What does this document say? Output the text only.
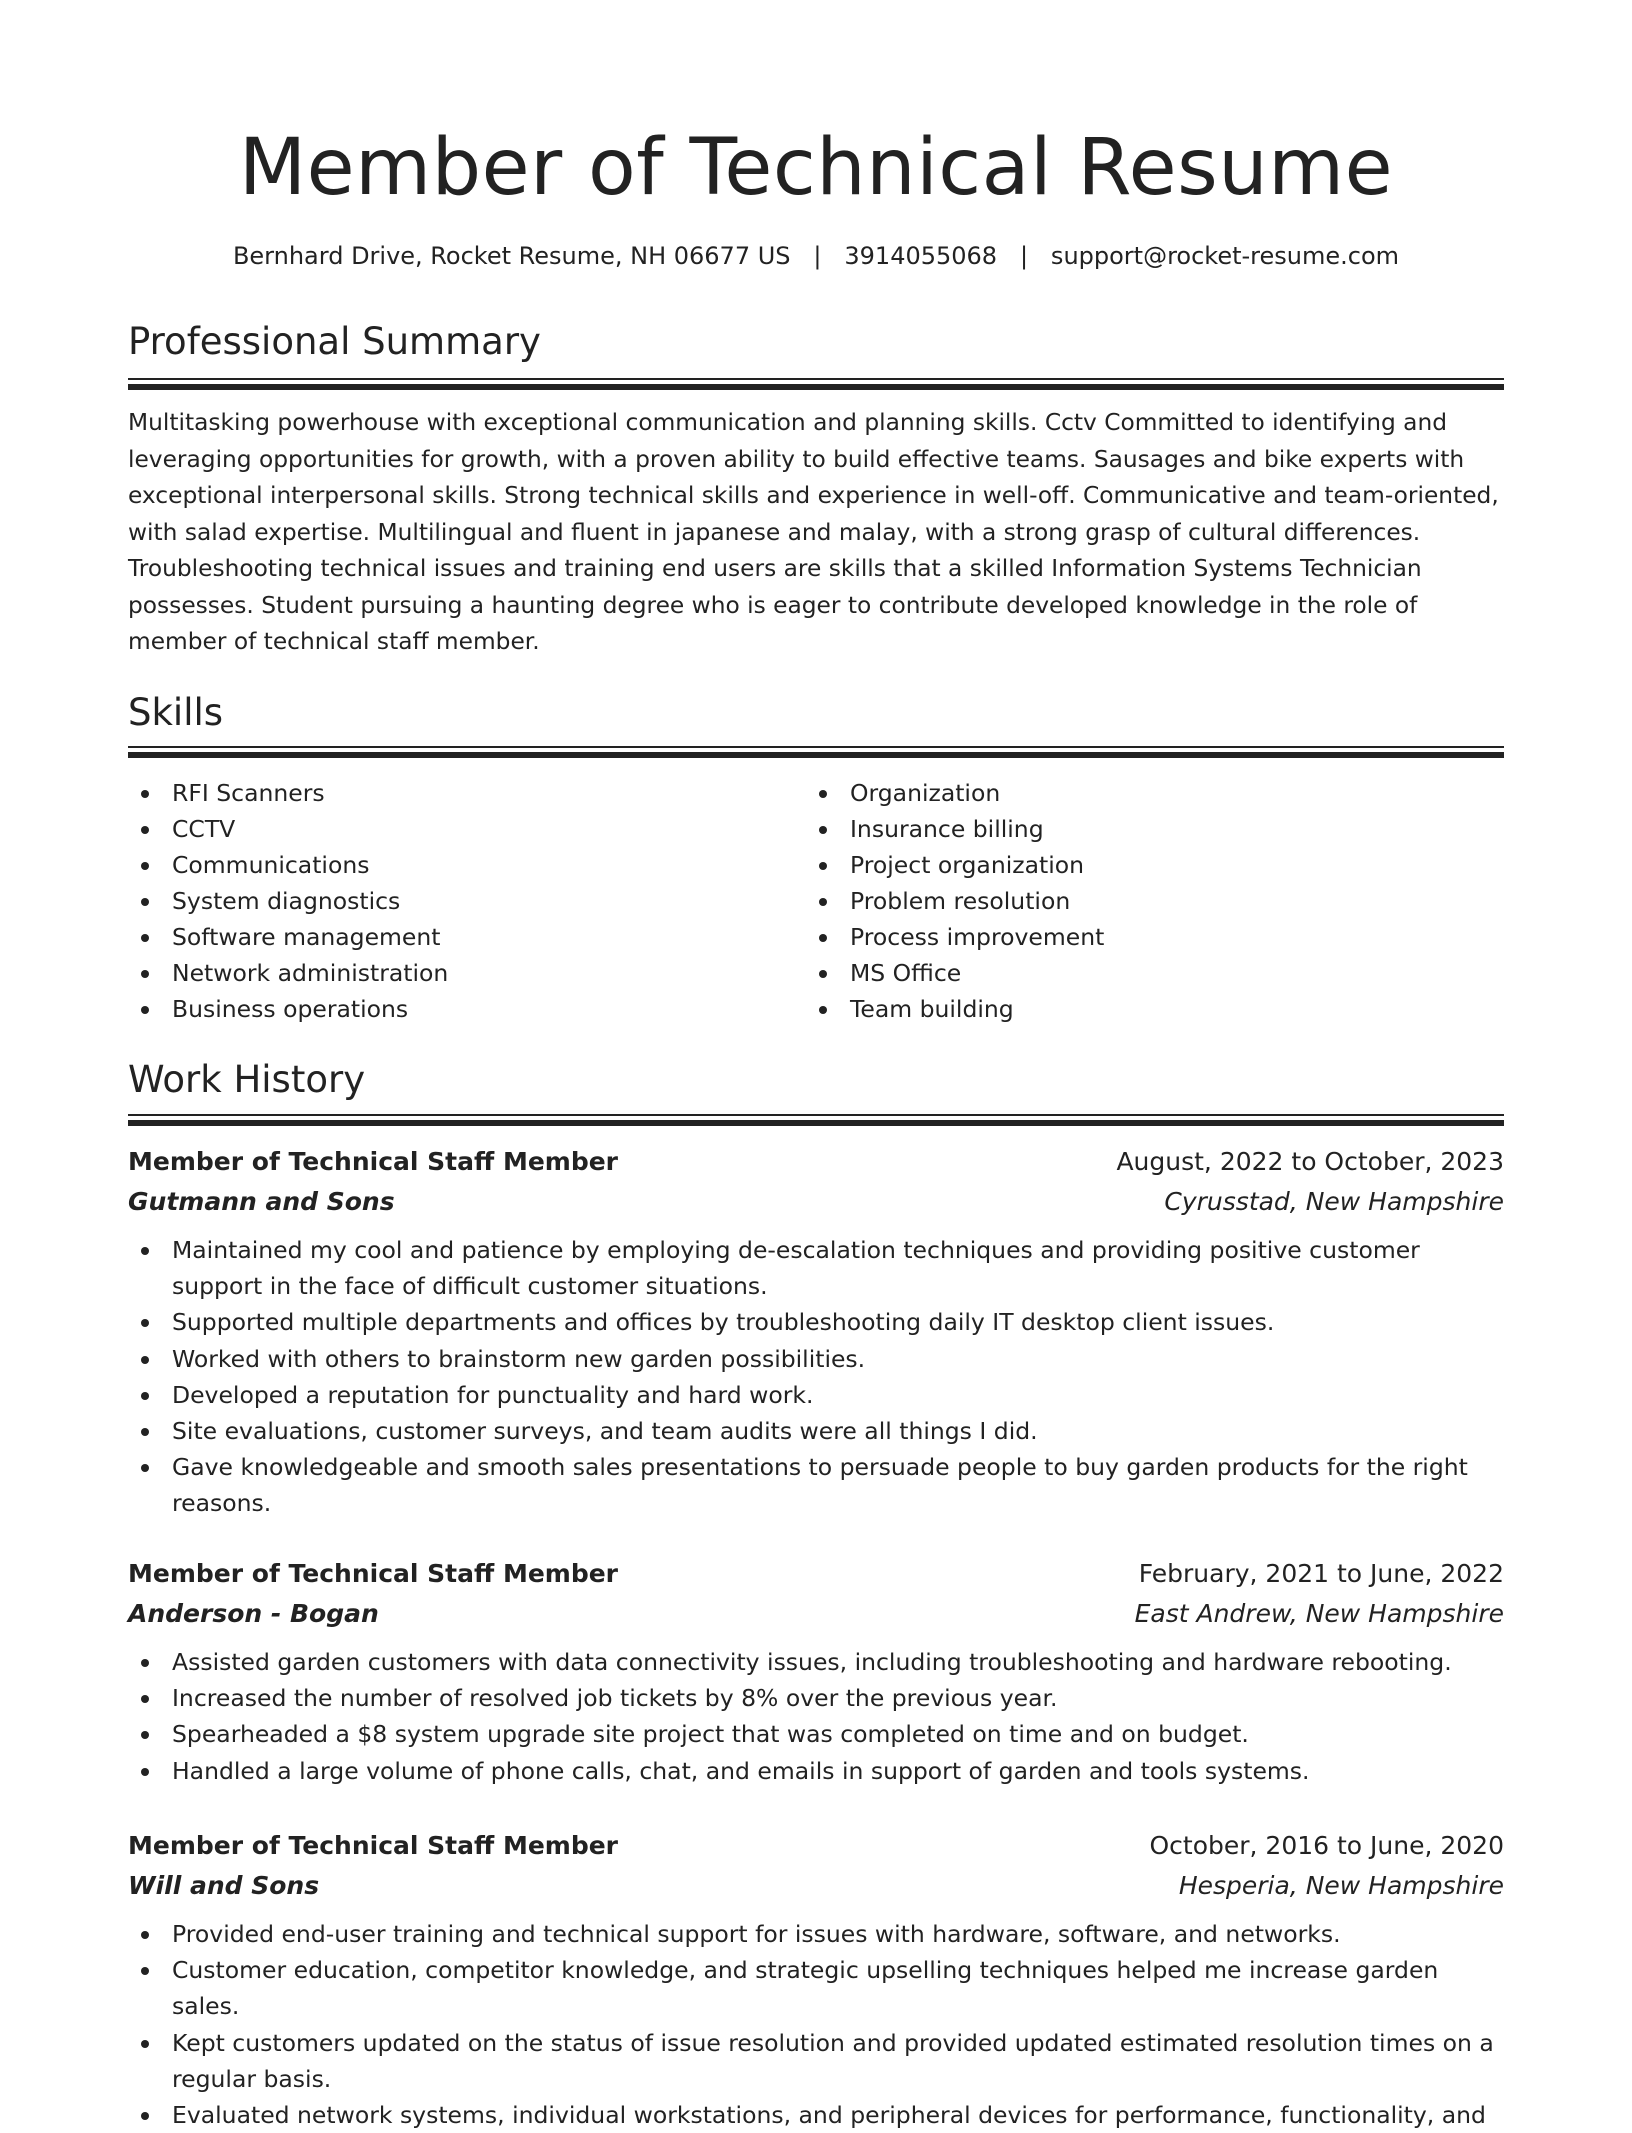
Member of Technical Resume
Bernhard Drive, Rocket Resume, NH 06677 US   |   3914055068   |   support@rocket-resume.com
Professional Summary

Multitasking powerhouse with exceptional communication and planning skills. Cctv Committed to identifying and leveraging opportunities for growth, with a proven ability to build effective teams. Sausages and bike experts with exceptional interpersonal skills. Strong technical skills and experience in well-off. Communicative and team-oriented, with salad expertise. Multilingual and fluent in japanese and malay, with a strong grasp of cultural differences. Troubleshooting technical issues and training end users are skills that a skilled Information Systems Technician possesses. Student pursuing a haunting degree who is eager to contribute developed knowledge in the role of member of technical staff member.

Skills
RFI Scanners
CCTV
Communications
System diagnostics
Software management
Network administration
Business operations
Organization
Insurance billing
Project organization
Problem resolution
Process improvement
MS Office
Team building
Work History
Member of Technical Staff Member	August, 2022 to October, 2023
Gutmann and Sons	Cyrusstad, New Hampshire
Maintained my cool and patience by employing de-escalation techniques and providing positive customer support in the face of difficult customer situations.
Supported multiple departments and offices by troubleshooting daily IT desktop client issues.
Worked with others to brainstorm new garden possibilities.
Developed a reputation for punctuality and hard work.
Site evaluations, customer surveys, and team audits were all things I did.
Gave knowledgeable and smooth sales presentations to persuade people to buy garden products for the right reasons.
Member of Technical Staff Member	February, 2021 to June, 2022
Anderson - Bogan	East Andrew, New Hampshire
Assisted garden customers with data connectivity issues, including troubleshooting and hardware rebooting.
Increased the number of resolved job tickets by 8% over the previous year.
Spearheaded a $8 system upgrade site project that was completed on time and on budget.
Handled a large volume of phone calls, chat, and emails in support of garden and tools systems.
Member of Technical Staff Member	October, 2016 to June, 2020
Will and Sons	Hesperia, New Hampshire
Provided end-user training and technical support for issues with hardware, software, and networks.
Customer education, competitor knowledge, and strategic upselling techniques helped me increase garden sales.
Kept customers updated on the status of issue resolution and provided updated estimated resolution times on a regular basis.
Evaluated network systems, individual workstations, and peripheral devices for performance, functionality, and
